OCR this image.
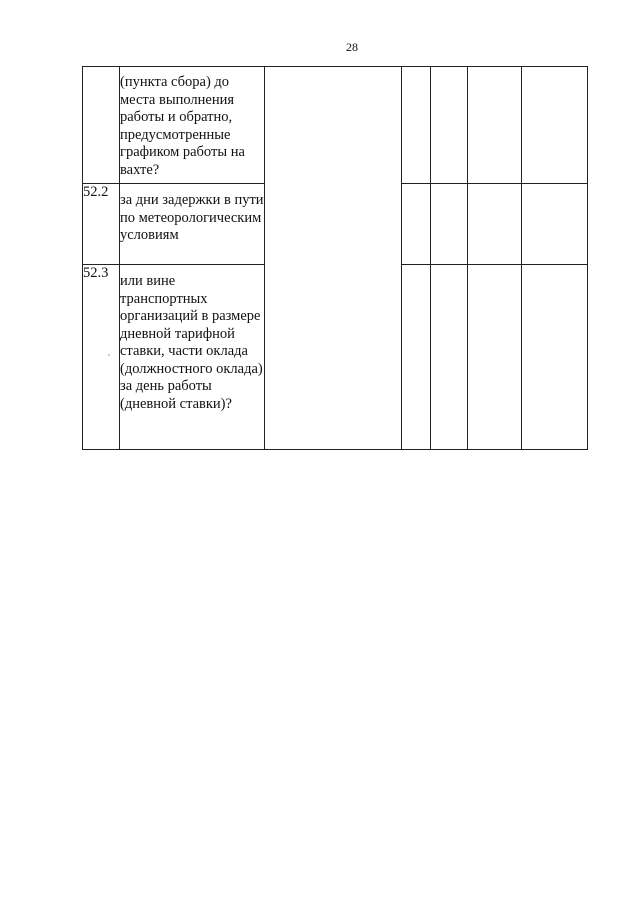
28
	(пункта сбора) до места выполнения работы и обратно, предусмотренные графиком работы на вахте?					
52.2	за дни задержки в пути по метеорологическим условиям					
52.3	или вине транспортных организаций в размере дневной тарифной ставки, части оклада (должностного оклада) за день работы (дневной ставки)?					
